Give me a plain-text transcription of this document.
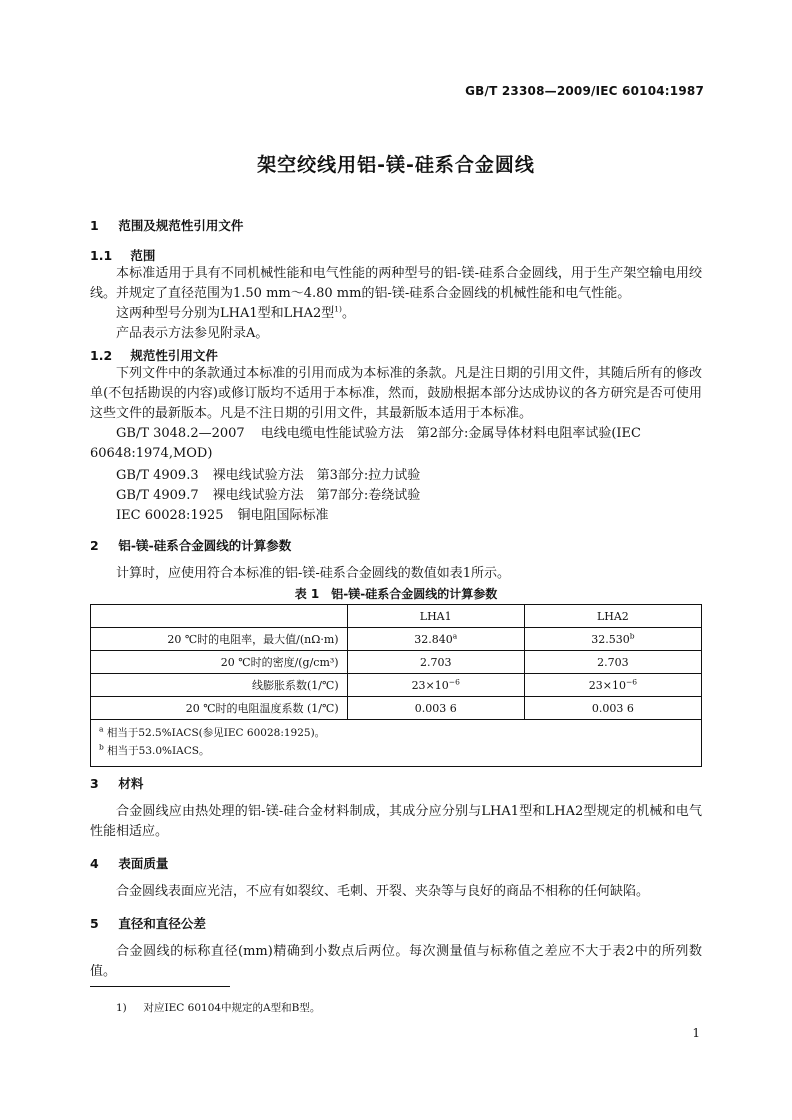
GB/T 23308—2009/IEC 60104:1987
架空绞线用铝-镁-硅系合金圆线
1 范围及规范性引用文件
1.1 范围
本标准适用于具有不同机械性能和电气性能的两种型号的铝-镁-硅系合金圆线，用于生产架空输电用绞线。并规定了直径范围为1.50 mm～4.80 mm的铝-镁-硅系合金圆线的机械性能和电气性能。
这两种型号分别为LHA1型和LHA2型$^{1)}$。
产品表示方法参见附录A。
1.2 规范性引用文件
下列文件中的条款通过本标准的引用而成为本标准的条款。凡是注日期的引用文件，其随后所有的修改单(不包括勘误的内容)或修订版均不适用于本标准，然而，鼓励根据本部分达成协议的各方研究是否可使用这些文件的最新版本。凡是不注日期的引用文件，其最新版本适用于本标准。
GB/T 3048.2—2007 电线电缆电性能试验方法　第2部分:金属导体材料电阻率试验(IEC 60648:1974,MOD)
GB/T 4909.3 裸电线试验方法　第3部分:拉力试验
GB/T 4909.7 裸电线试验方法　第7部分:卷绕试验
IEC 60028:1925 铜电阻国际标准
2 铝-镁-硅系合金圆线的计算参数
计算时，应使用符合本标准的铝-镁-硅系合金圆线的数值如表1所示。
表 1　铝-镁-硅系合金圆线的计算参数
	LHA1	LHA2
20 ℃时的电阻率，最大值/(nΩ·m)	32.840$^a$	32.530$^b$
20 ℃时的密度/(g/cm³)	2.703	2.703
线膨胀系数(1/℃)	$23\times 10^{-6}$	$23\times 10^{-6}$
20 ℃时的电阻温度系数 (1/℃)	0.003 6	0.003 6

$^a$ 相当于52.5%IACS(参见IEC 60028:1925)。
$^b$ 相当于53.0%IACS。		
3 材料
合金圆线应由热处理的铝-镁-硅合金材料制成，其成分应分别与LHA1型和LHA2型规定的机械和电气性能相适应。
4 表面质量
合金圆线表面应光洁，不应有如裂纹、毛刺、开裂、夹杂等与良好的商品不相称的任何缺陷。
5 直径和直径公差
合金圆线的标称直径(mm)精确到小数点后两位。每次测量值与标称值之差应不大于表2中的所列数值。
1) 对应IEC 60104中规定的A型和B型。
1
